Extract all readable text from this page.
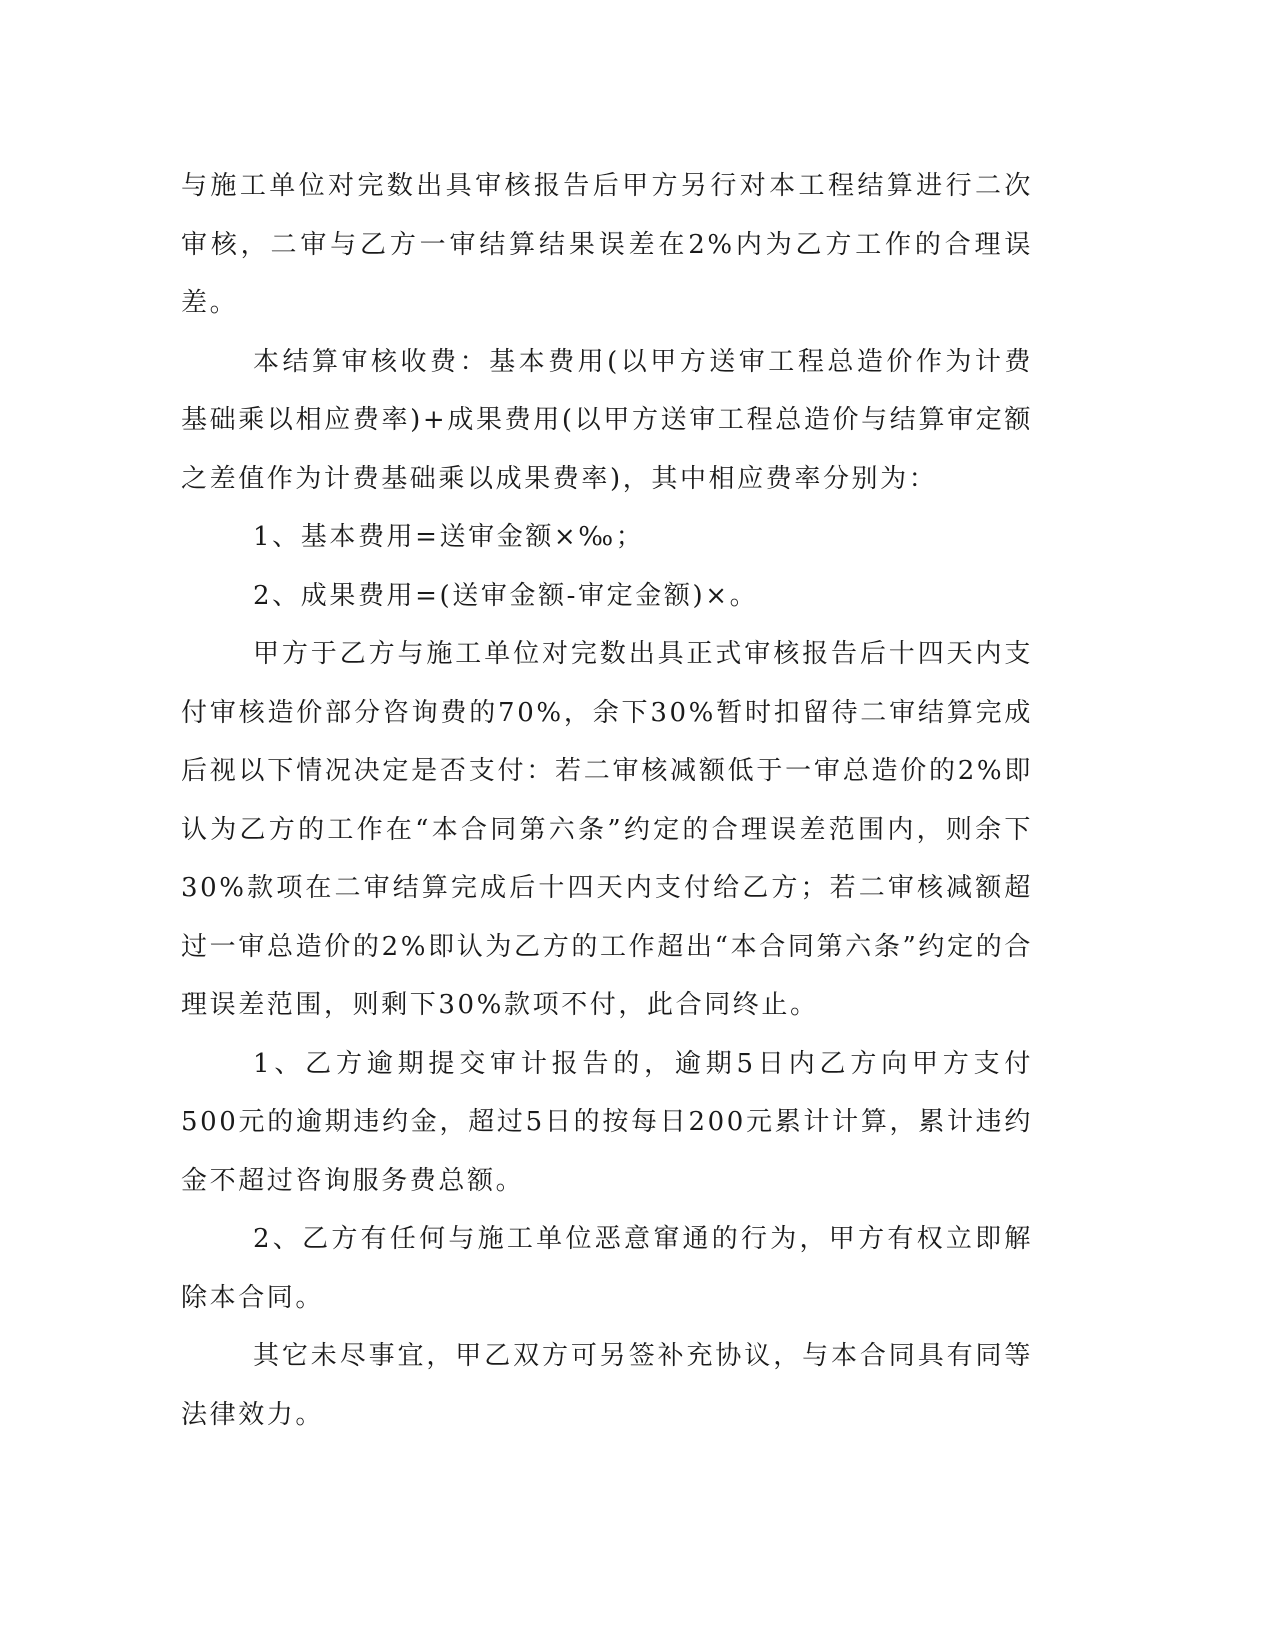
与施工单位对完数出具审核报告后甲方另行对本工程结算进行二次审核，二审与乙方一审结算结果误差在2%内为乙方工作的合理误差。

本结算审核收费：基本费用(以甲方送审工程总造价作为计费基础乘以相应费率)+成果费用(以甲方送审工程总造价与结算审定额之差值作为计费基础乘以成果费率)，其中相应费率分别为：

1、基本费用=送审金额×‰；

2、成果费用=(送审金额-审定金额)×。

甲方于乙方与施工单位对完数出具正式审核报告后十四天内支付审核造价部分咨询费的70%，余下30%暂时扣留待二审结算完成后视以下情况决定是否支付：若二审核减额低于一审总造价的2%即认为乙方的工作在“本合同第六条”约定的合理误差范围内，则余下30%款项在二审结算完成后十四天内支付给乙方；若二审核减额超过一审总造价的2%即认为乙方的工作超出“本合同第六条”约定的合理误差范围，则剩下30%款项不付，此合同终止。

1、乙方逾期提交审计报告的，逾期5日内乙方向甲方支付500元的逾期违约金，超过5日的按每日200元累计计算，累计违约金不超过咨询服务费总额。

2、乙方有任何与施工单位恶意窜通的行为，甲方有权立即解除本合同。

其它未尽事宜，甲乙双方可另签补充协议，与本合同具有同等法律效力。
